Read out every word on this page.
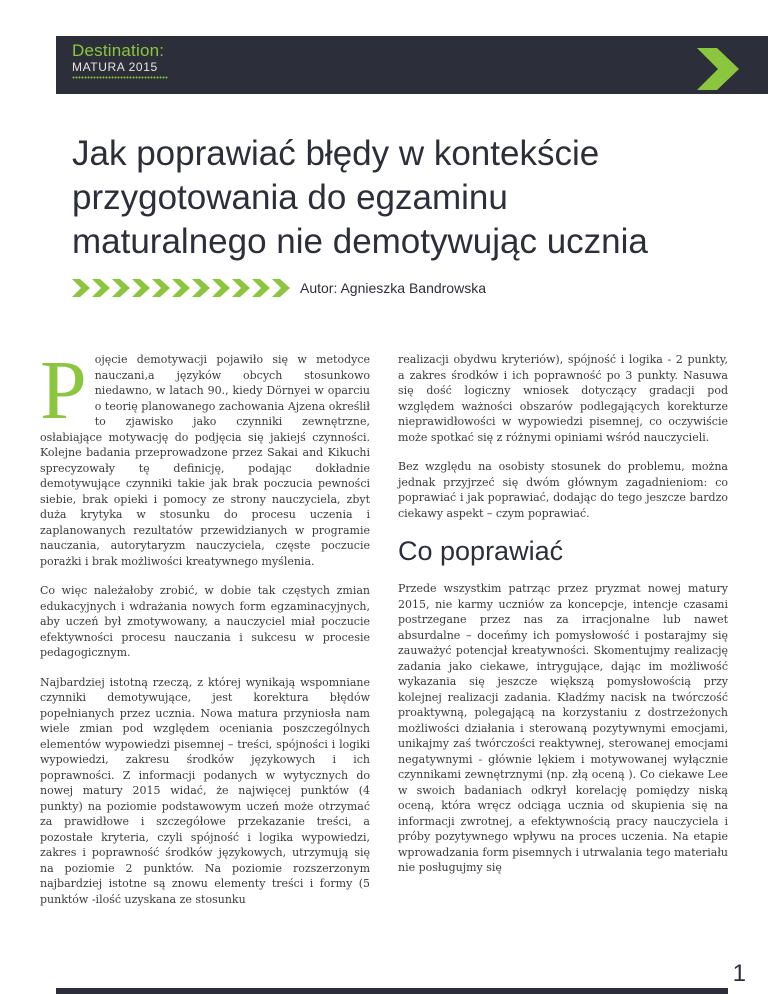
Destination:
MATURA 2015
Jak poprawiać błędy w kontekście przygotowania do egzaminu maturalnego nie demotywując ucznia
Autor: Agnieszka Bandrowska

Pojęcie demotywacji pojawiło się w metodyce nauczani,a języków obcych stosunkowo niedawno, w latach 90., kiedy Dörnyei w oparciu o teorię planowanego zachowania Ajzena określił to zjawisko jako czynniki zewnętrzne, osłabiające motywację do podjęcia się jakiejś czynności. Kolejne badania przeprowadzone przez Sakai and Kikuchi sprecyzowały tę definicję, podając dokładnie demotywujące czynniki takie jak brak poczucia pewności siebie, brak opieki i pomocy ze strony nauczyciela, zbyt duża krytyka w stosunku do procesu uczenia i zaplanowanych rezultatów przewidzianych w programie nauczania, autorytaryzm nauczyciela, częste poczucie porażki i brak możliwości kreatywnego myślenia.

Co więc należałoby zrobić, w dobie tak częstych zmian edukacyjnych i wdrażania nowych form egzaminacyjnych, aby uczeń był zmotywowany, a nauczyciel miał poczucie efektywności procesu nauczania i sukcesu w procesie pedagogicznym.

Najbardziej istotną rzeczą, z której wynikają wspomniane czynniki demotywujące, jest korektura błędów popełnianych przez ucznia. Nowa matura przyniosła nam wiele zmian pod względem oceniania poszczególnych elementów wypowiedzi pisemnej – treści, spójności i logiki wypowiedzi, zakresu środków językowych i ich poprawności. Z informacji podanych w wytycznych do nowej matury 2015 widać, że najwięcej punktów (4 punkty) na poziomie podstawowym uczeń może otrzymać za prawidłowe i szczegółowe przekazanie treści, a pozostałe kryteria, czyli spójność i logika wypowiedzi, zakres i poprawność środków językowych, utrzymują się na poziomie 2 punktów. Na poziomie rozszerzonym najbardziej istotne są znowu elementy treści i formy (5 punktów -ilość uzyskana ze stosunku

realizacji obydwu kryteriów), spójność i logika - 2 punkty, a zakres środków i ich poprawność po 3 punkty. Nasuwa się dość logiczny wniosek dotyczący gradacji pod względem ważności obszarów podlegających korekturze nieprawidłowości w wypowiedzi pisemnej, co oczywiście może spotkać się z różnymi opiniami wśród nauczycieli.

Bez względu na osobisty stosunek do problemu, można jednak przyjrzeć się dwóm głównym zagadnieniom: co poprawiać i jak poprawiać, dodając do tego jeszcze bardzo ciekawy aspekt – czym poprawiać.

Co poprawiać

Przede wszystkim patrząc przez pryzmat nowej matury 2015, nie karmy uczniów za koncepcje, intencje czasami postrzegane przez nas za irracjonalne lub nawet absurdalne – doceńmy ich pomysłowość i postarajmy się zauważyć potencjał kreatywności. Skomentujmy realizację zadania jako ciekawe, intrygujące, dając im możliwość wykazania się jeszcze większą pomysłowością przy kolejnej realizacji zadania. Kładźmy nacisk na twórczość proaktywną, polegającą na korzystaniu z dostrzeżonych możliwości działania i sterowaną pozytywnymi emocjami, unikajmy zaś twórczości reaktywnej, sterowanej emocjami negatywnymi - głównie lękiem i motywowanej wyłącznie czynnikami zewnętrznymi (np. złą oceną ). Co ciekawe Lee w swoich badaniach odkrył korelację pomiędzy niską oceną, która wręcz odciąga ucznia od skupienia się na informacji zwrotnej, a efektywnością pracy nauczyciela i próby pozytywnego wpływu na proces uczenia. Na etapie wprowadzania form pisemnych i utrwalania tego materiału nie posługujmy się

1
